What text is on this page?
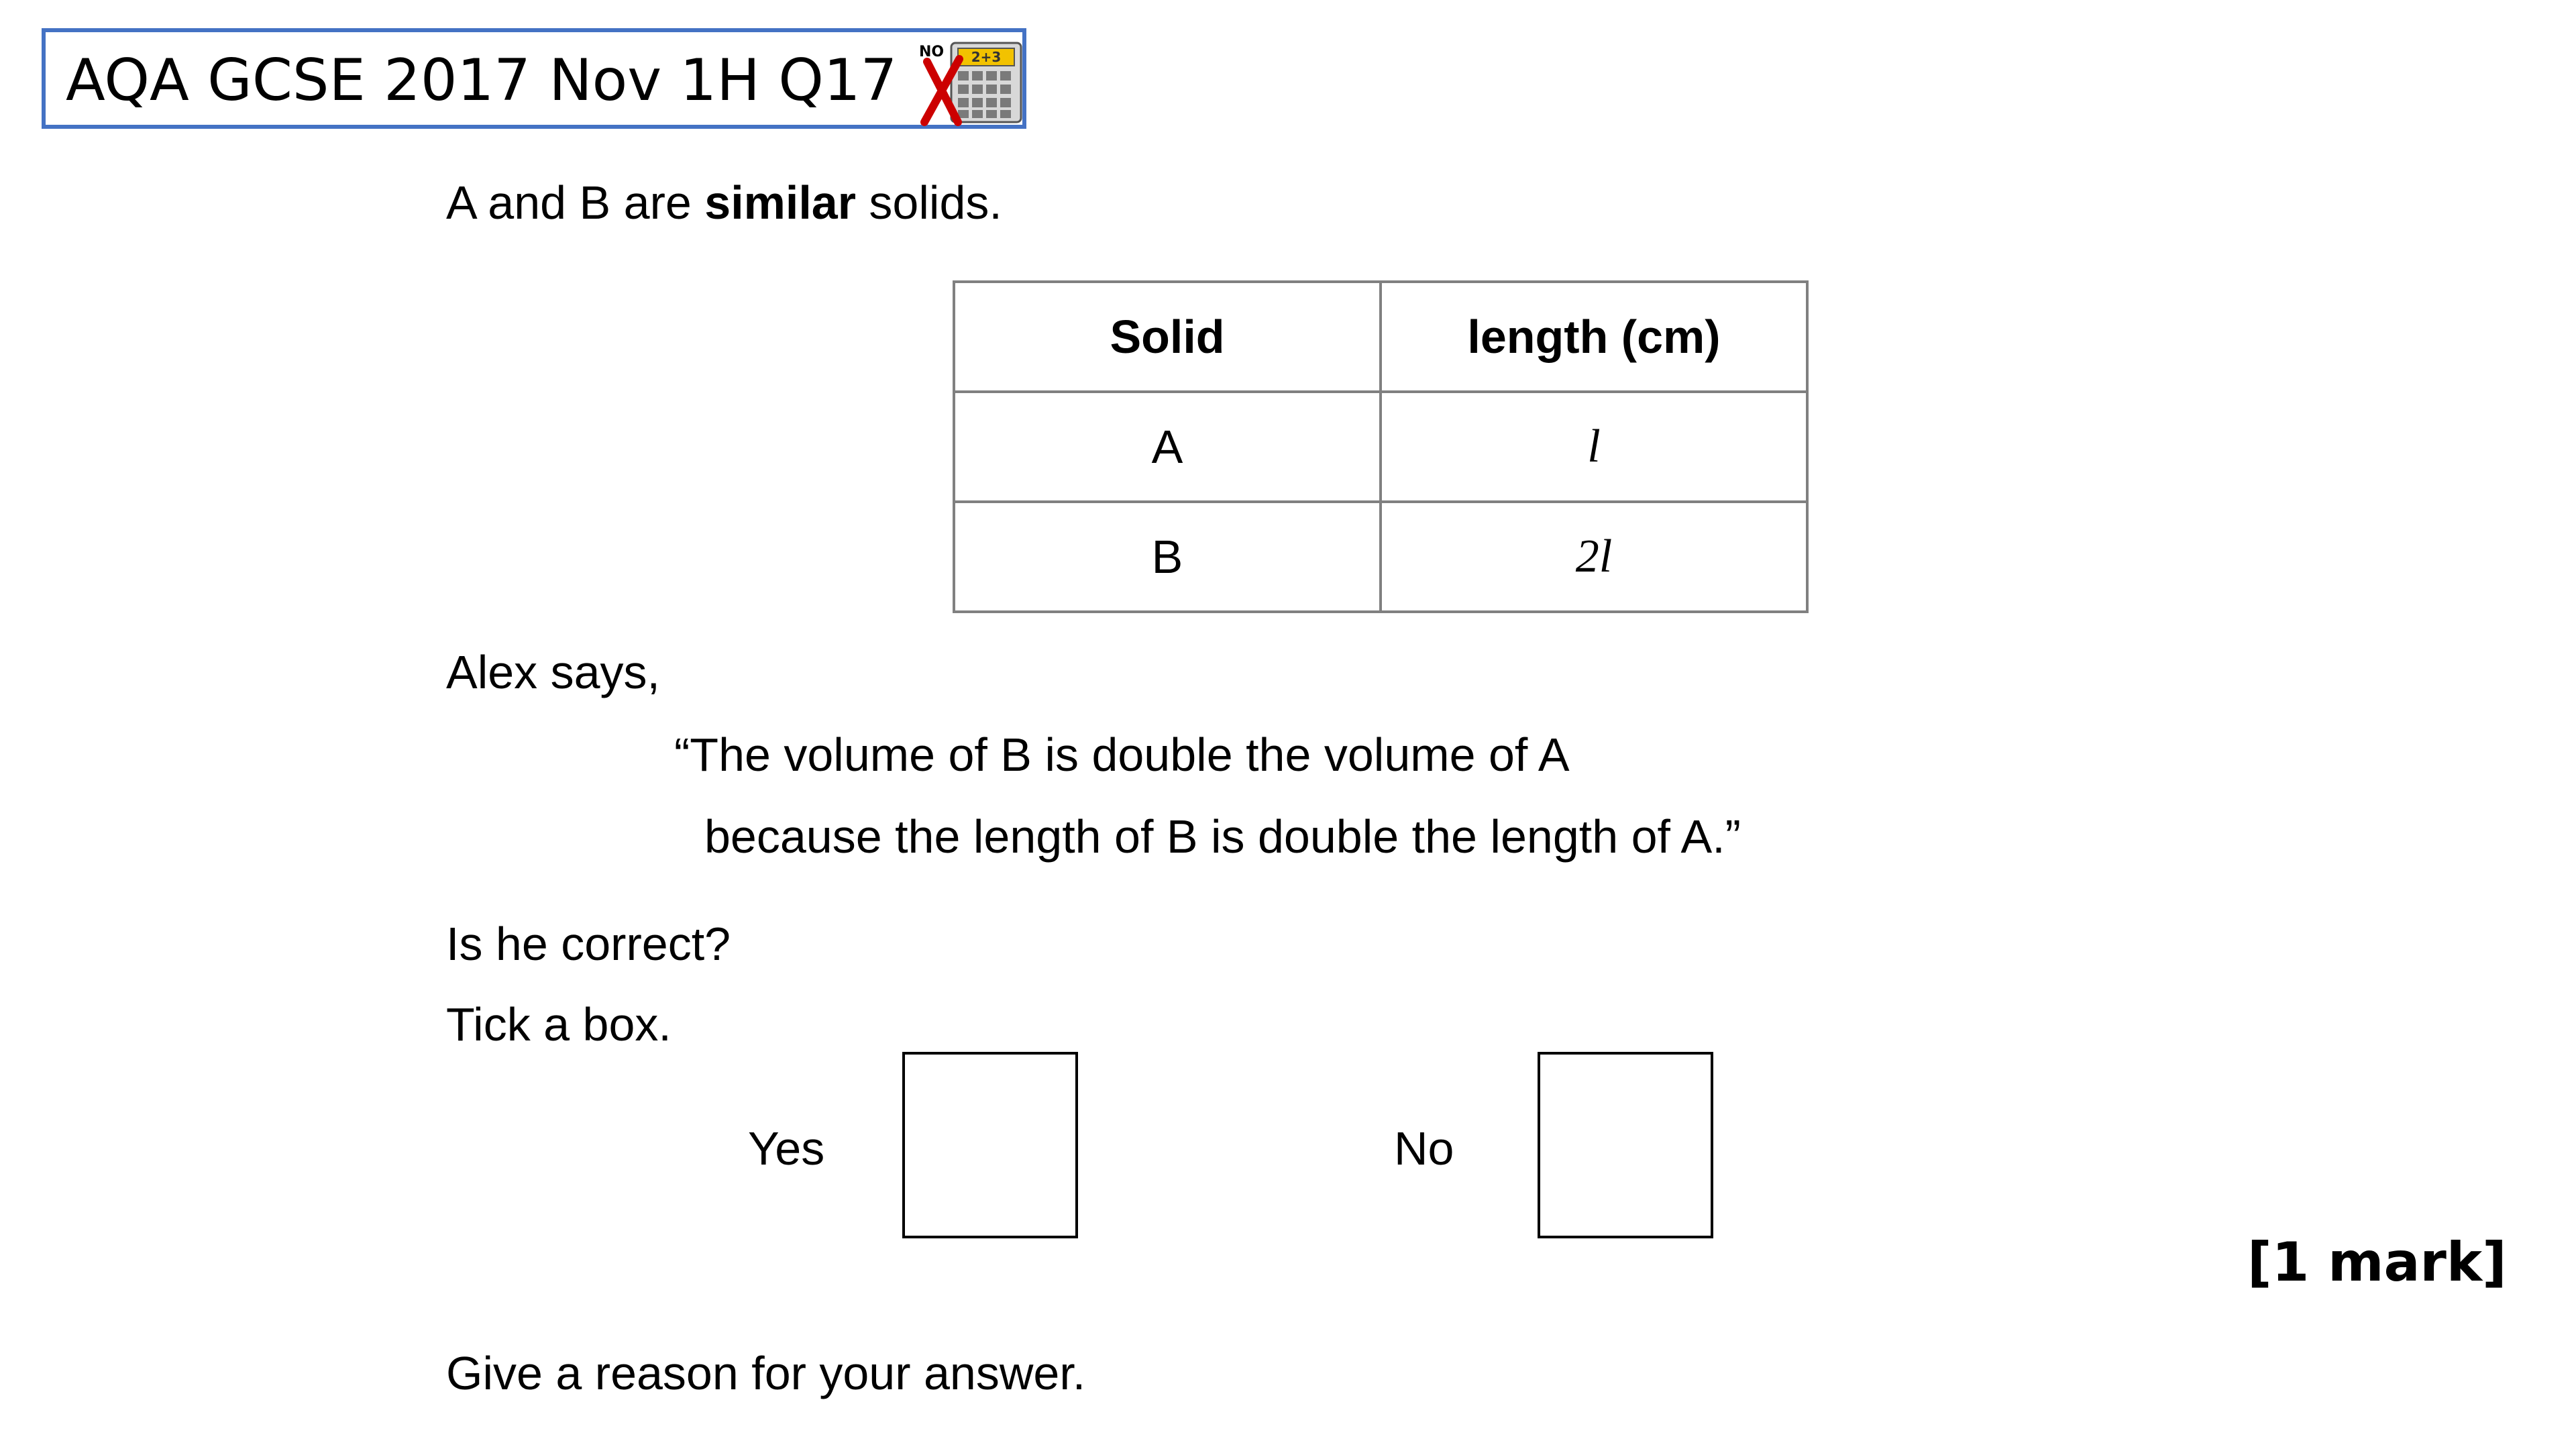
AQA GCSE 2017 Nov 1H Q17 NO 2+3
A and B are similar solids.
Solid	length (cm)
A	l
B	2l
Alex says,
“The volume of B is double the volume of A
because the length of B is double the length of A.”
Is he correct?
Tick a box.
Yes	No
[1 mark]
Give a reason for your answer.
